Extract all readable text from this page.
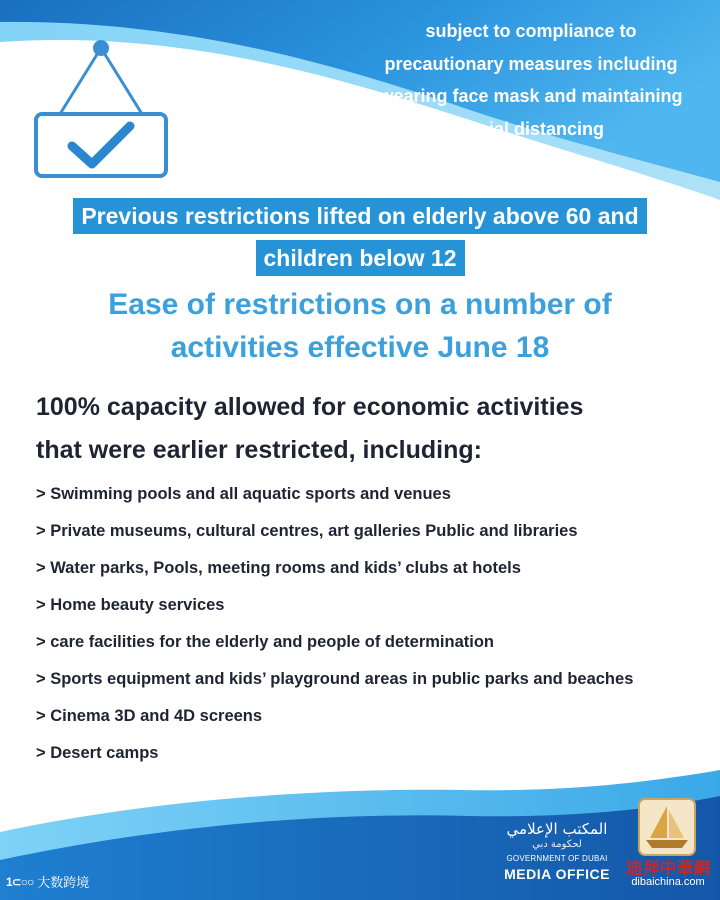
subject to compliance to
precautionary measures including
wearing face mask and maintaining
social distancing
Previous restrictions lifted on elderly above 60 and
children below 12
Ease of restrictions on a number of
activities effective June 18
100% capacity allowed for economic activities
that were earlier restricted, including:
> Swimming pools and all aquatic sports and venues
> Private museums, cultural centres, art galleries Public and libraries
> Water parks, Pools, meeting rooms and kids’ clubs at hotels
> Home beauty services
> care facilities for the elderly and people of determination
> Sports equipment and kids’ playground areas in public parks and beaches
> Cinema 3D and 4D screens
> Desert camps
المكتب الإعلامي
لحكومة دبي
GOVERNMENT OF DUBAI
MEDIA OFFICE
1⊂○○ 大数跨境
迪拜中華網
dibaichina.com
